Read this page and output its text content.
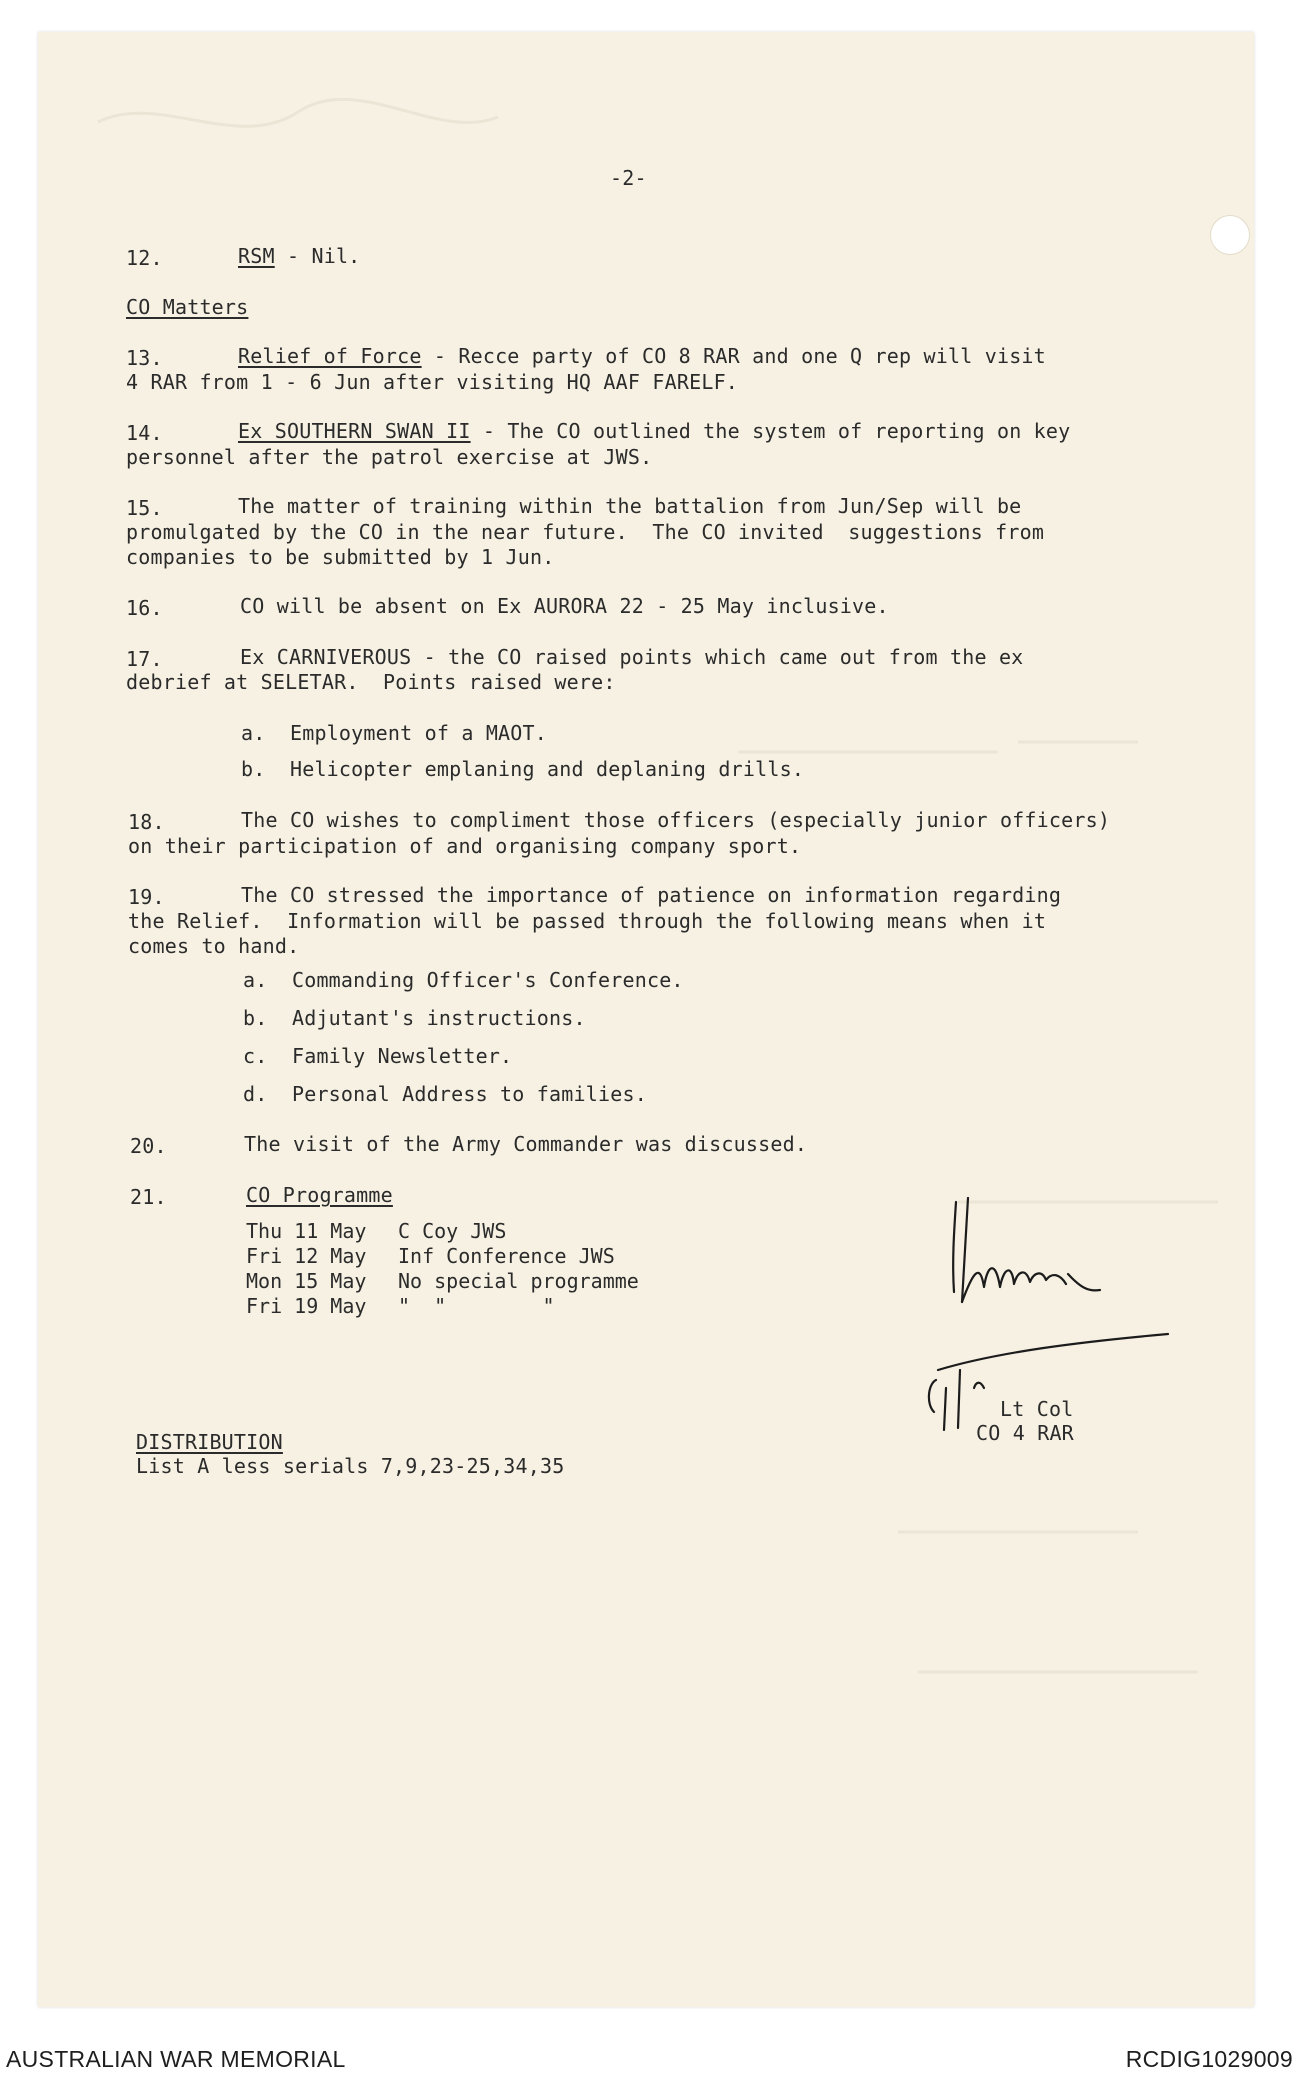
-2-
12.	RSM - Nil.
CO Matters
13.	Relief of Force - Recce party of CO 8 RAR and one Q rep will visit
4 RAR from 1 - 6 Jun after visiting HQ AAF FARELF.
14.	Ex SOUTHERN SWAN II - The CO outlined the system of reporting on key
personnel after the patrol exercise at JWS.
15.	The matter of training within the battalion from Jun/Sep will be
promulgated by the CO in the near future.  The CO invited  suggestions from
companies to be submitted by 1 Jun.
16.	CO will be absent on Ex AURORA 22 - 25 May inclusive.
17.	Ex CARNIVEROUS - the CO raised points which came out from the ex
debrief at SELETAR.  Points raised were:
a.  Employment of a MAOT.
b.  Helicopter emplaning and deplaning drills.
18.	The CO wishes to compliment those officers (especially junior officers)
on their participation of and organising company sport.
19.	The CO stressed the importance of patience on information regarding
the Relief.  Information will be passed through the following means when it
comes to hand.
a.  Commanding Officer's Conference.
b.  Adjutant's instructions.
c.  Family Newsletter.
d.  Personal Address to families.
20.	The visit of the Army Commander was discussed.
21.	CO Programme
Thu 11 May	C Coy JWS
Fri 12 May	Inf Conference JWS
Mon 15 May	No special programme
Fri 19 May	"  "        "
Lt Col
CO 4 RAR
DISTRIBUTION
List A less serials 7,9,23-25,34,35
AUSTRALIAN WAR MEMORIAL	RCDIG1029009
